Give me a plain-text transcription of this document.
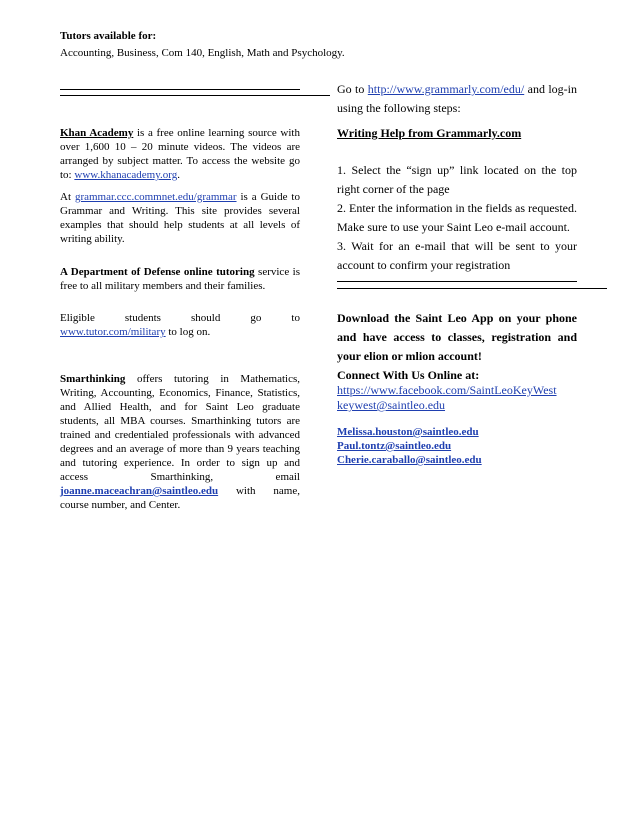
Tutors available for:
Accounting, Business, Com 140, English, Math and Psychology.

Khan Academy is a free online learning source with over 1,600 10 – 20 minute videos. The videos are arranged by subject matter. To access the website go to: www.khanacademy.org.

At grammar.ccc.commnet.edu/grammar is a Guide to Grammar and Writing. This site provides several examples that should help students at all levels of writing ability.

A Department of Defense online tutoring service is free to all military members and their families.

Eligible	students	should	go	to

www.tutor.com/military to log on.

Smarthinking offers tutoring in Mathematics, Writing, Accounting, Economics, Finance, Statistics, and Allied Health, and for Saint Leo graduate students, all MBA courses. Smarthinking tutors are trained and credentialed professionals with advanced degrees and an average of more than 9 years teaching and tutoring experience. In order to sign up and access Smarthinking, email joanne.maceachran@saintleo.edu with name, course number, and Center.

Go to http://www.grammarly.com/edu/ and log-in using the following steps:

Writing Help from Grammarly.com

1. Select the “sign up” link located on the top right corner of the page

2. Enter the information in the fields as requested. Make sure to use your Saint Leo e-mail account.

3. Wait for an e-mail that will be sent to your account to confirm your registration

Download the Saint Leo App on your phone and have access to classes, registration and your elion or mlion account!

Connect With Us Online at:

https://www.facebook.com/SaintLeoKeyWest

keywest@saintleo.edu

Melissa.houston@saintleo.edu

Paul.tontz@saintleo.edu

Cherie.caraballo@saintleo.edu
